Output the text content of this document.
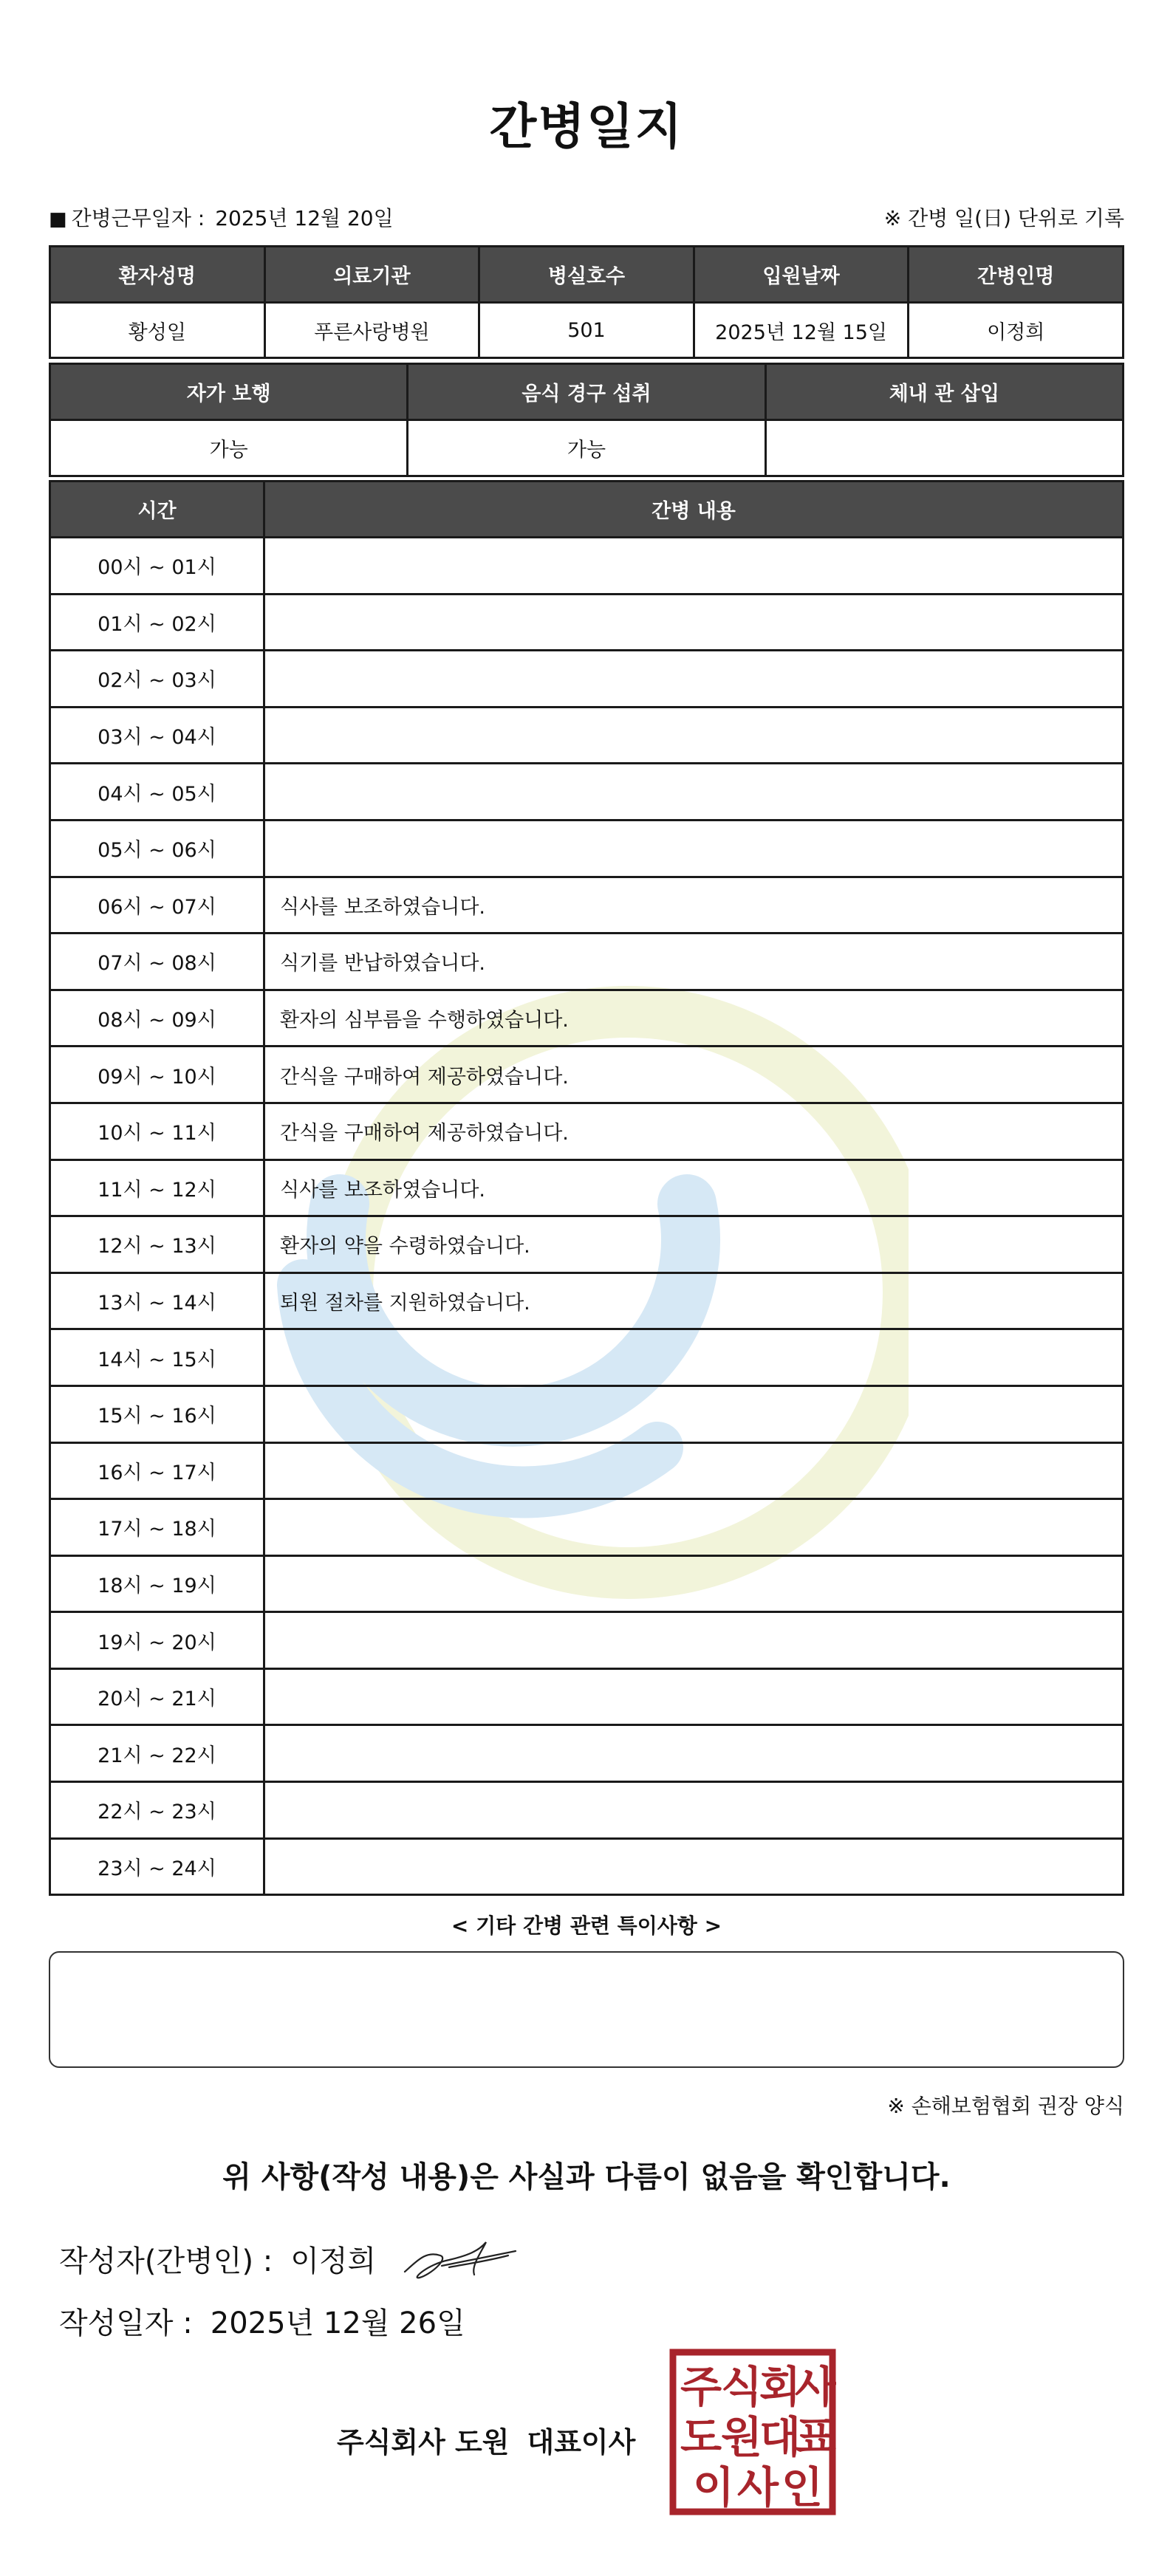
간병일지
■ 간병근무일자 : 2025년 12월 20일	※ 간병 일(日) 단위로 기록
환자성명	의료기관	병실호수	입원날짜	간병인명
황성일	푸른사랑병원	501	2025년 12월 15일	이정희
자가 보행	음식 경구 섭취	체내 관 삽입
가능	가능	
시간	간병 내용
00시 ~ 01시	
01시 ~ 02시	
02시 ~ 03시	
03시 ~ 04시	
04시 ~ 05시	
05시 ~ 06시	
06시 ~ 07시	식사를 보조하였습니다.
07시 ~ 08시	식기를 반납하였습니다.
08시 ~ 09시	환자의 심부름을 수행하였습니다.
09시 ~ 10시	간식을 구매하여 제공하였습니다.
10시 ~ 11시	간식을 구매하여 제공하였습니다.
11시 ~ 12시	식사를 보조하였습니다.
12시 ~ 13시	환자의 약을 수령하였습니다.
13시 ~ 14시	퇴원 절차를 지원하였습니다.
14시 ~ 15시	
15시 ~ 16시	
16시 ~ 17시	
17시 ~ 18시	
18시 ~ 19시	
19시 ~ 20시	
20시 ~ 21시	
21시 ~ 22시	
22시 ~ 23시	
23시 ~ 24시	
< 기타 간병 관련 특이사항 >
※ 손해보험협회 권장 양식
위 사항(작성 내용)은 사실과 다름이 없음을 확인합니다.
작성자(간병인) : 이정희
작성일자 : 2025년 12월 26일
주식회사 도원 대표이사
주
식
회
사
도
원
대
표
이 사 인
